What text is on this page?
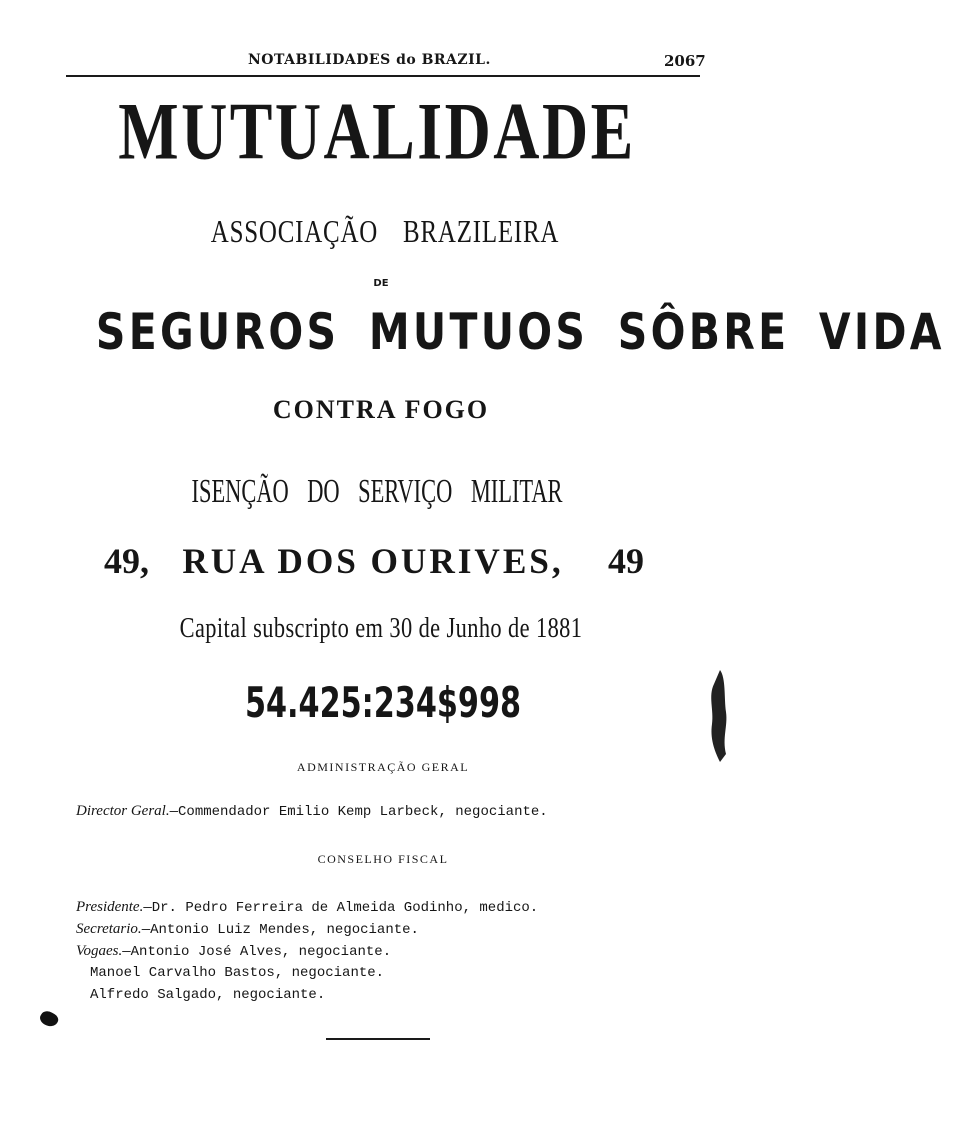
NOTABILIDADES do BRAZIL.	2067
MUTUALIDADE
ASSOCIAÇÃO BRAZILEIRA
DE
SEGUROS MUTUOS SÔBRE VIDA
CONTRA FOGO
ISENÇÃO DO SERVIÇO MILITAR
49, RUA DOS OURIVES,	49
Capital subscripto em 30 de Junho de 1881
54.425:234$998
ADMINISTRAÇÃO GERAL
Director Geral.—Commendador Emilio Kemp Larbeck, negociante.
CONSELHO FISCAL
Presidente.—Dr. Pedro Ferreira de Almeida Godinho, medico.
Secretario.—Antonio Luiz Mendes, negociante.
Vogaes.—Antonio José Alves, negociante.
Manoel Carvalho Bastos, negociante.
Alfredo Salgado, negociante.
